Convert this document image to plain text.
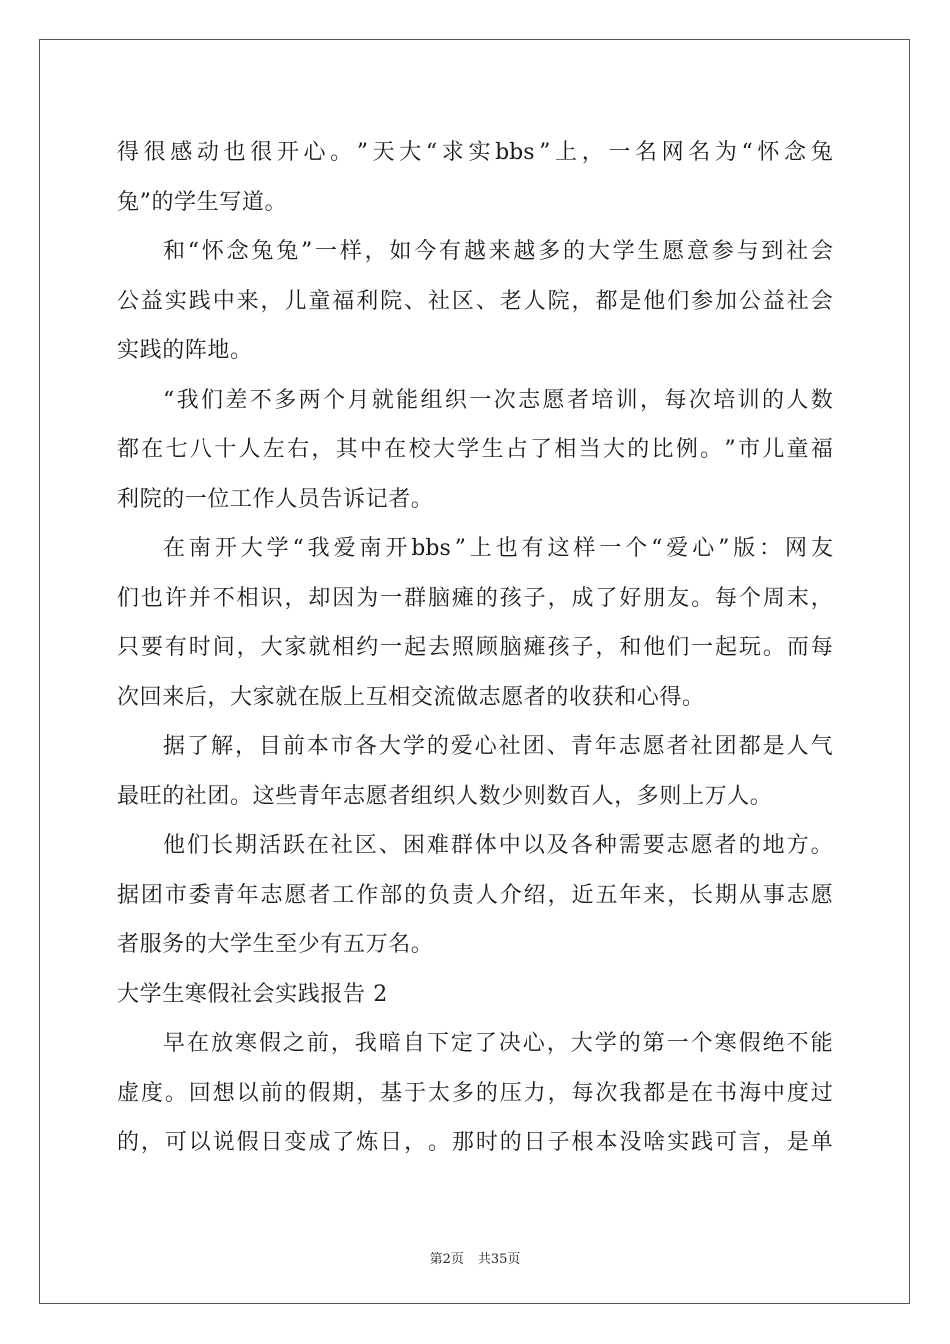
得 很 感 动 也 很 开 心 。 ” 天 大 “ 求 实 bbs ” 上 ， 一 名 网 名 为 “ 怀 念 兔
兔”的学生写道。
和 “ 怀 念 兔 兔 ” 一 样 ， 如 今 有 越 来 越 多 的 大 学 生 愿 意 参 与 到 社 会
公 益 实 践 中 来 ， 儿 童 福 利 院 、 社 区 、 老 人 院 ， 都 是 他 们 参 加 公 益 社 会
实践的阵地。
“ 我 们 差 不 多 两 个 月 就 能 组 织 一 次 志 愿 者 培 训 ， 每 次 培 训 的 人 数
都 在 七 八 十 人 左 右 ， 其 中 在 校 大 学 生 占 了 相 当 大 的 比 例 。 ” 市 儿 童 福
利院的一位工作人员告诉记者。
在 南 开 大 学 “ 我 爱 南 开 bbs ” 上 也 有 这 样 一 个 “ 爱 心 ” 版 ： 网 友
们 也 许 并 不 相 识 ， 却 因 为 一 群 脑 瘫 的 孩 子 ， 成 了 好 朋 友 。 每 个 周 末 ，
只 要 有 时 间 ， 大 家 就 相 约 一 起 去 照 顾 脑 瘫 孩 子 ， 和 他 们 一 起 玩 。 而 每
次回来后，大家就在版上互相交流做志愿者的收获和心得。
据 了 解 ， 目 前 本 市 各 大 学 的 爱 心 社 团 、 青 年 志 愿 者 社 团 都 是 人 气
最旺的社团。这些青年志愿者组织人数少则数百人，多则上万人。
他 们 长 期 活 跃 在 社 区 、 困 难 群 体 中 以 及 各 种 需 要 志 愿 者 的 地 方 。
据 团 市 委 青 年 志 愿 者 工 作 部 的 负 责 人 介 绍 ， 近 五 年 来 ， 长 期 从 事 志 愿
者服务的大学生至少有五万名。
大学生寒假社会实践报告 2
早 在 放 寒 假 之 前 ， 我 暗 自 下 定 了 决 心 ， 大 学 的 第 一 个 寒 假 绝 不 能
虚 度 。 回 想 以 前 的 假 期 ， 基 于 太 多 的 压 力 ， 每 次 我 都 是 在 书 海 中 度 过
的 ， 可 以 说 假 日 变 成 了 炼 日 ， 。 那 时 的 日 子 根 本 没 啥 实 践 可 言 ， 是 单
第2页 共35页
